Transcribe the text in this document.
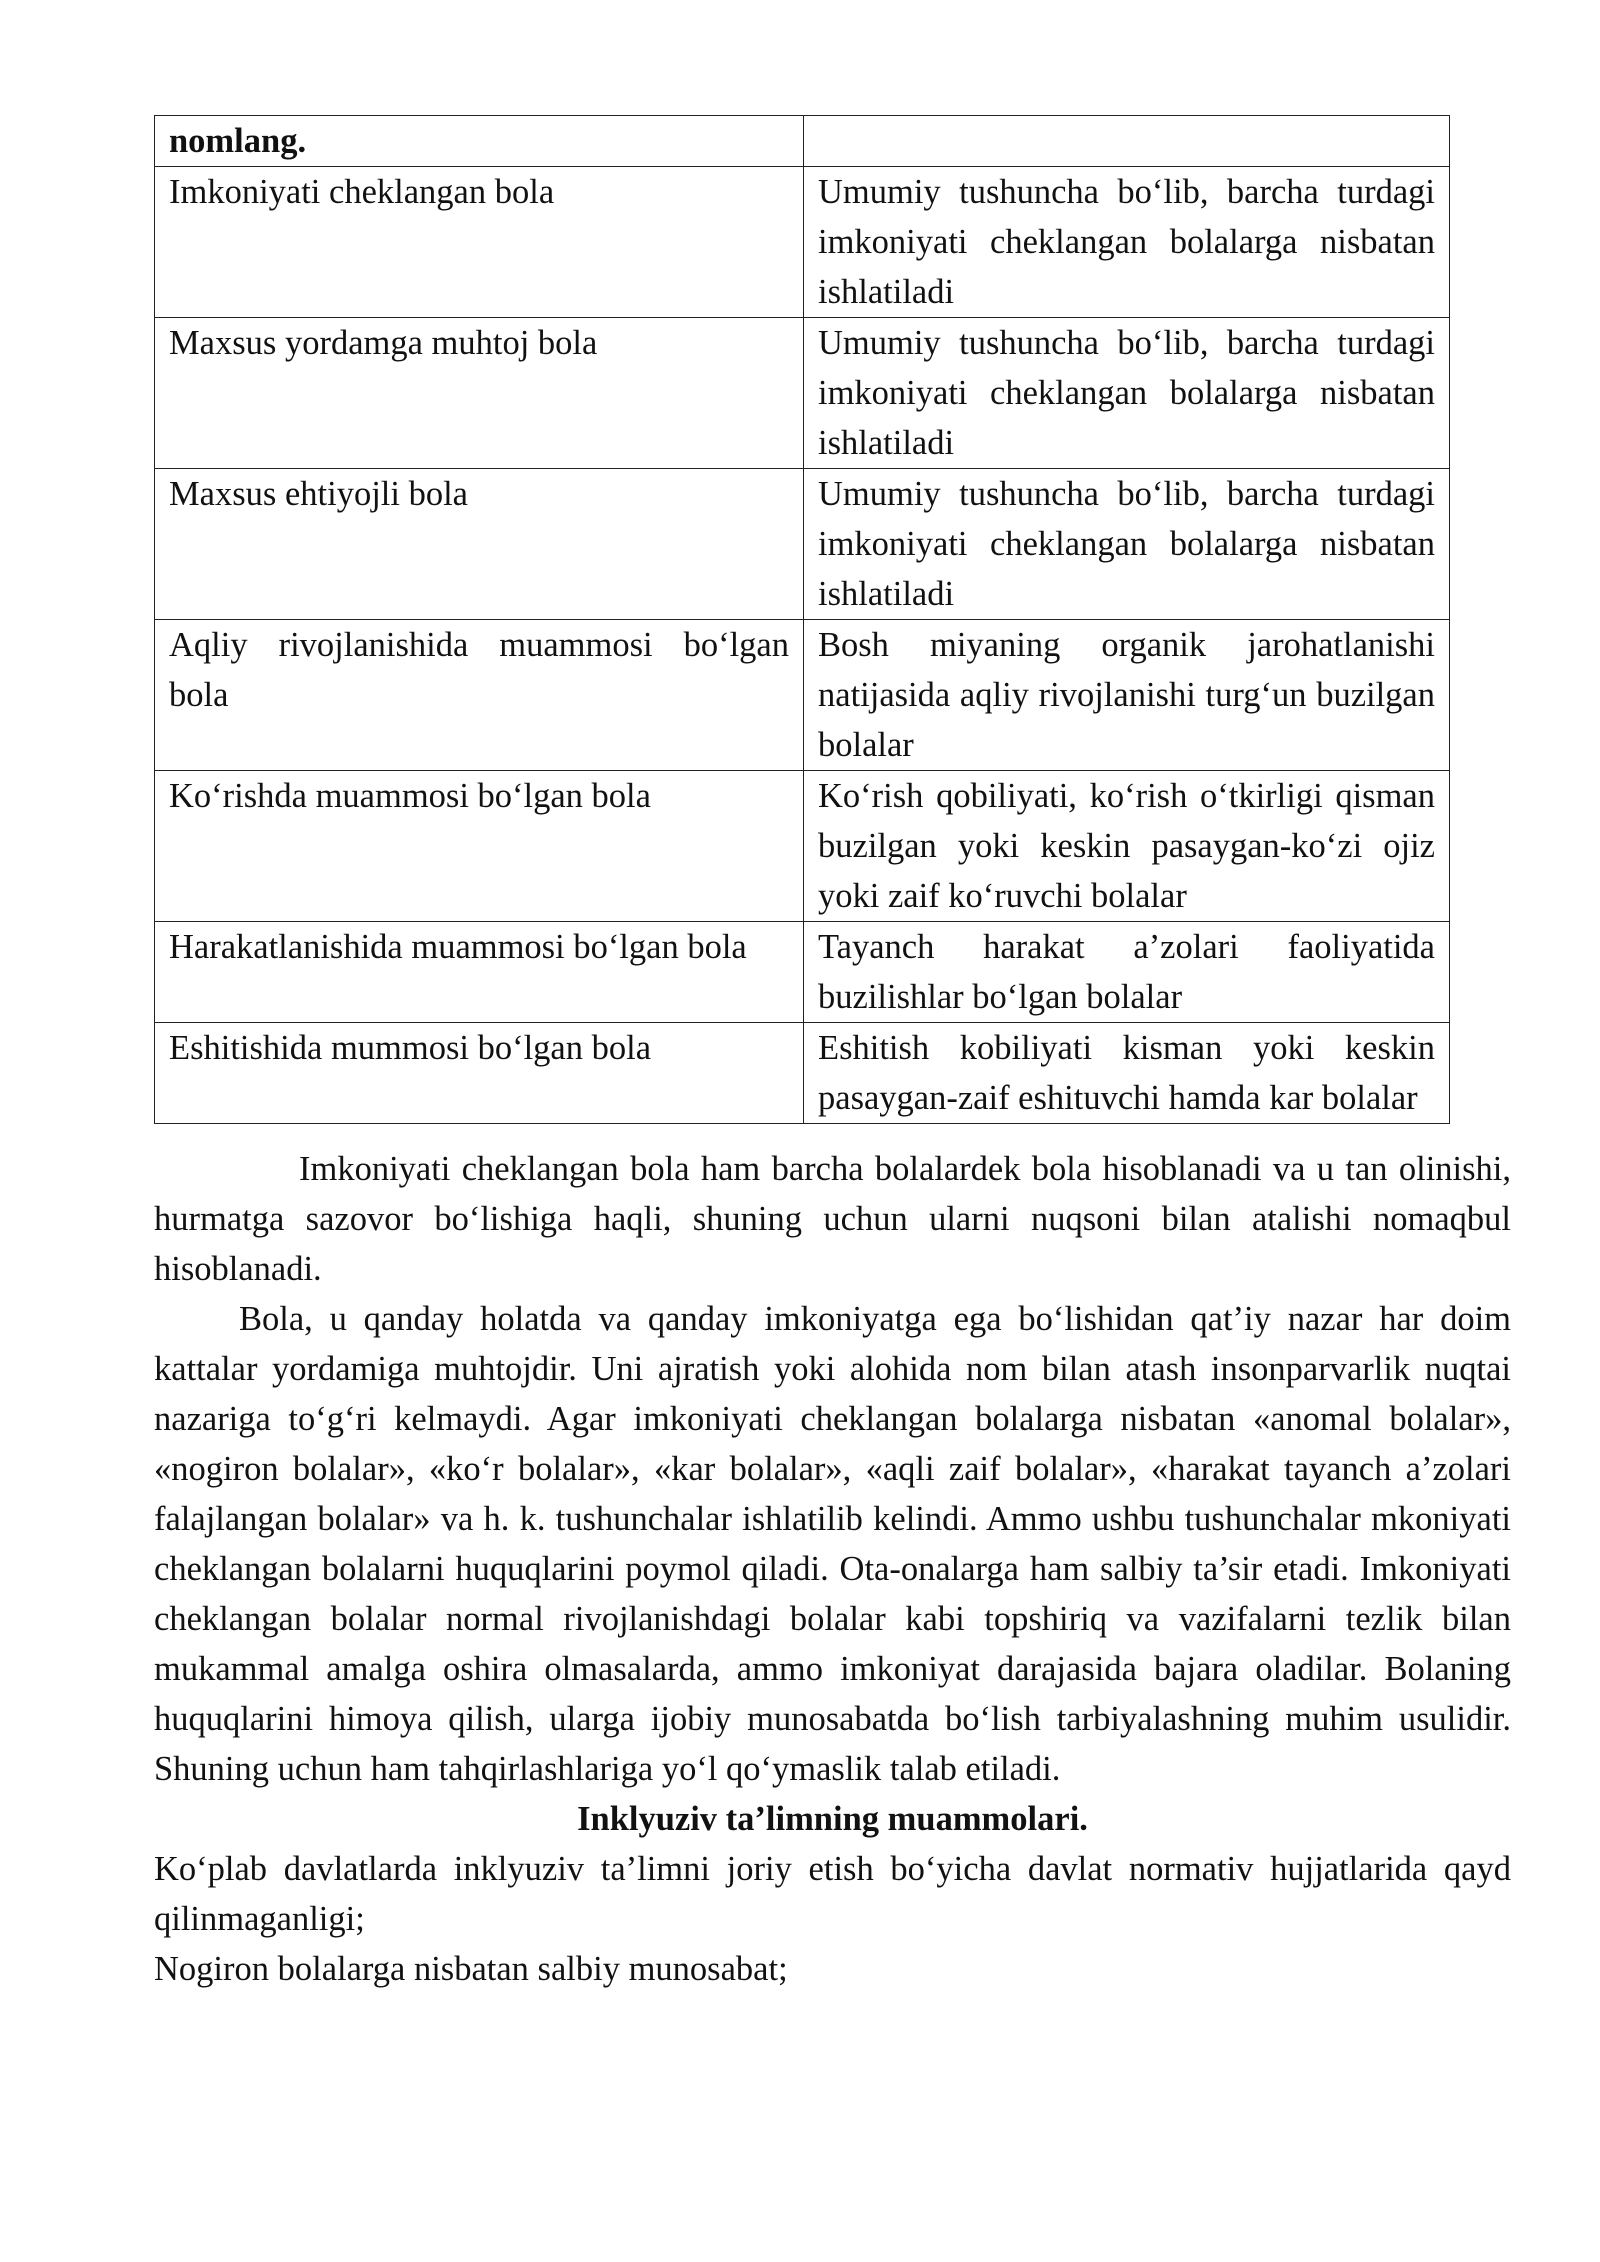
nomlang.	
Imkoniyati cheklangan bola	Umumiy tushuncha bo‘lib, barcha turdagi imkoniyati cheklangan bolalarga nisbatan ishlatiladi
Maxsus yordamga muhtoj bola	Umumiy tushuncha bo‘lib, barcha turdagi imkoniyati cheklangan bolalarga nisbatan ishlatiladi
Maxsus ehtiyojli bola	Umumiy tushuncha bo‘lib, barcha turdagi imkoniyati cheklangan bolalarga nisbatan ishlatiladi
Aqliy rivojlanishida muammosi bo‘lgan bola	Bosh miyaning organik jarohatlanishi natijasida aqliy rivojlanishi turg‘un buzilgan bolalar
Ko‘rishda muammosi bo‘lgan bola	Ko‘rish qobiliyati, ko‘rish o‘tkirligi qisman buzilgan yoki keskin pasaygan-ko‘zi ojiz yoki zaif ko‘ruvchi bolalar
Harakatlanishida muammosi bo‘lgan bola	Tayanch harakat a’zolari faoliyatida buzilishlar bo‘lgan bolalar
Eshitishida mummosi bo‘lgan bola	Eshitish kobiliyati kisman yoki keskin pasaygan-zaif eshituvchi hamda kar bolalar

Imkoniyati cheklangan bola ham barcha bolalardek bola hisoblanadi va u tan olinishi, hurmatga sazovor bo‘lishiga haqli, shuning uchun ularni nuqsoni bilan atalishi nomaqbul hisoblanadi.

Bola, u qanday holatda va qanday imkoniyatga ega bo‘lishidan qat’iy nazar har doim kattalar yordamiga muhtojdir. Uni ajratish yoki alohida nom bilan atash insonparvarlik nuqtai nazariga to‘g‘ri kelmaydi. Agar imkoniyati cheklangan bolalarga nisbatan «anomal bolalar», «nogiron bolalar», «ko‘r bolalar», «kar bolalar», «aqli zaif bolalar», «harakat tayanch a’zolari falajlangan bolalar» va h. k. tushunchalar ishlatilib kelindi. Ammo ushbu tushunchalar mkoniyati cheklangan bolalarni huquqlarini poymol qiladi. Ota-onalarga ham salbiy ta’sir etadi. Imkoniyati cheklangan bolalar normal rivojlanishdagi bolalar kabi topshiriq va vazifalarni tezlik bilan mukammal amalga oshira olmasalarda, ammo imkoniyat darajasida bajara oladilar. Bolaning huquqlarini himoya qilish, ularga ijobiy munosabatda bo‘lish tarbiyalashning muhim usulidir. Shuning uchun ham tahqirlashlariga yo‘l qo‘ymaslik talab etiladi.

Inklyuziv ta’limning muammolari.

Ko‘plab davlatlarda inklyuziv ta’limni joriy etish bo‘yicha davlat normativ hujjatlarida qayd qilinmaganligi;

Nogiron bolalarga nisbatan salbiy munosabat;
